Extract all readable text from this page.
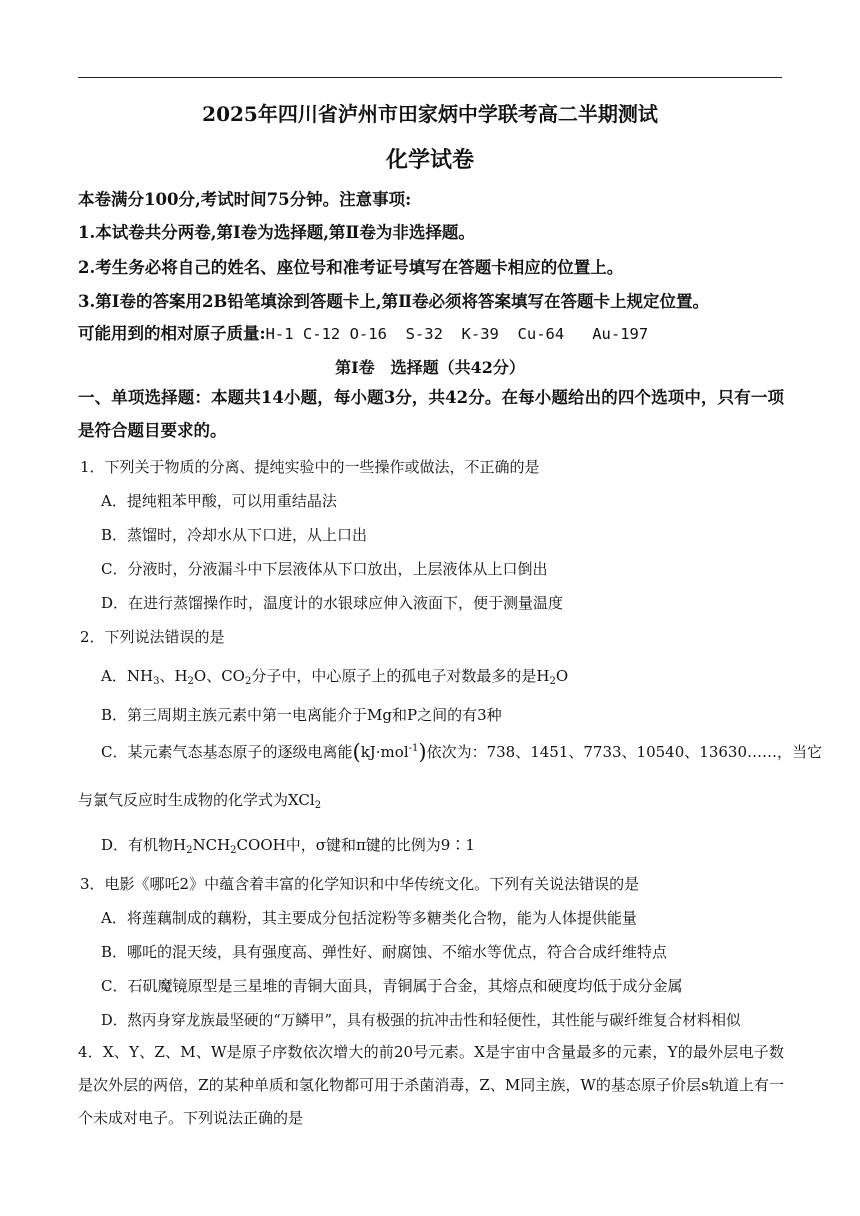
2025年四川省泸州市田家炳中学联考高二半期测试
化学试卷
本卷满分100分,考试时间75分钟。注意事项:
1.本试卷共分两卷,第Ⅰ卷为选择题,第Ⅱ卷为非选择题。
2.考生务必将自己的姓名、座位号和准考证号填写在答题卡相应的位置上。
3.第Ⅰ卷的答案用2B铅笔填涂到答题卡上,第Ⅱ卷必须将答案填写在答题卡上规定位置。
可能用到的相对原子质量:H-1 C-12 O-16  S-32  K-39  Cu-64   Au-197
第Ⅰ卷　选择题（共42分）
一、单项选择题：本题共14小题，每小题3分，共42分。在每小题给出的四个选项中，只有一项是符合题目要求的。
1．下列关于物质的分离、提纯实验中的一些操作或做法，不正确的是
A．提纯粗苯甲酸，可以用重结晶法
B．蒸馏时，冷却水从下口进，从上口出
C．分液时，分液漏斗中下层液体从下口放出，上层液体从上口倒出
D．在进行蒸馏操作时，温度计的水银球应伸入液面下，便于测量温度
2．下列说法错误的是
A．$NH_3$、$H_2O$、$CO_2$分子中，中心原子上的孤电子对数最多的是$H_2O$
B．第三周期主族元素中第一电离能介于Mg和P之间的有3种
C．某元素气态基态原子的逐级电离能(kJ·mol$^{-1}$)依次为：738、1451、7733、10540、13630……，当它
与氯气反应时生成物的化学式为XCl$_2$
D．有机物$H_2NCH_2COOH$中，σ键和π键的比例为9∶1
3．电影《哪吒2》中蕴含着丰富的化学知识和中华传统文化。下列有关说法错误的是
A．将莲藕制成的藕粉，其主要成分包括淀粉等多糖类化合物，能为人体提供能量
B．哪吒的混天绫，具有强度高、弹性好、耐腐蚀、不缩水等优点，符合合成纤维特点
C．石矶魔镜原型是三星堆的青铜大面具，青铜属于合金，其熔点和硬度均低于成分金属
D．熬丙身穿龙族最坚硬的“万鳞甲”，具有极强的抗冲击性和轻便性，其性能与碳纤维复合材料相似
4．X、Y、Z、M、W是原子序数依次增大的前20号元素。X是宇宙中含量最多的元素，Y的最外层电子数是次外层的两倍，Z的某种单质和氢化物都可用于杀菌消毒，Z、M同主族，W的基态原子价层s轨道上有一个未成对电子。下列说法正确的是
